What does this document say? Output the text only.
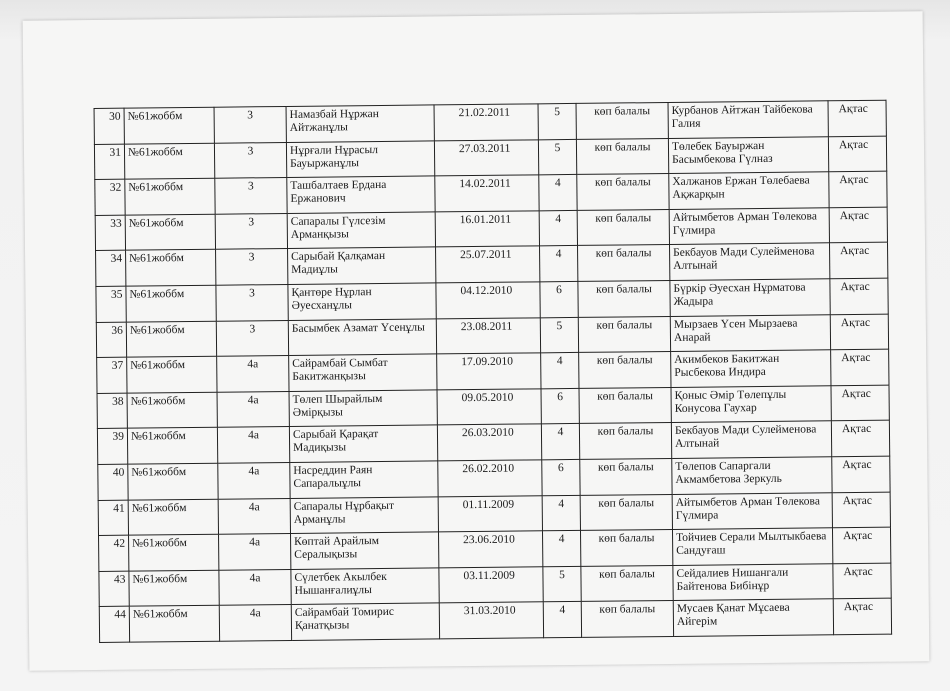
30	№61жоббм	3	Намазбай Нұржан Айтжанұлы	21.02.2011	5	көп балалы	Курбанов Айтжан Тайбекова Галия	Ақтас
31	№61жоббм	3	Нұрғали Нұрасыл Бауыржанұлы	27.03.2011	5	көп балалы	Төлебек Бауыржан Басымбекова Гүлназ	Ақтас
32	№61жоббм	3	Ташбалтаев Ердана Ержанович	14.02.2011	4	көп балалы	Халжанов Ержан Төлебаева Ақжарқын	Ақтас
33	№61жоббм	3	Сапаралы Гүлсезім Арманқызы	16.01.2011	4	көп балалы	Айтымбетов Арман Төлекова Гүлмира	Ақтас
34	№61жоббм	3	Сарыбай Қалқаман Мадиұлы	25.07.2011	4	көп балалы	Бекбауов Мади Сулейменова Алтынай	Ақтас
35	№61жоббм	3	Қантөре Нұрлан Әуесханұлы	04.12.2010	6	көп балалы	Бүркір Әуесхан Нұрматова Жадыра	Ақтас
36	№61жоббм	3	Басымбек Азамат Үсенұлы	23.08.2011	5	көп балалы	Мырзаев Үсен Мырзаева Анарай	Ақтас
37	№61жоббм	4а	Сайрамбай Сымбат Бакитжанқызы	17.09.2010	4	көп балалы	Акимбеков Бакитжан Рысбекова Индира	Ақтас
38	№61жоббм	4а	Төлеп Шырайлым Әмірқызы	09.05.2010	6	көп балалы	Қоныс Әмір Төлепұлы Конусова Гаухар	Ақтас
39	№61жоббм	4а	Сарыбай Қарақат Мадиқызы	26.03.2010	4	көп балалы	Бекбауов Мади Сулейменова Алтынай	Ақтас
40	№61жоббм	4а	Насреддин Раян Сапаралыұлы	26.02.2010	6	көп балалы	Төлепов Сапаргали Акмамбетова Зеркуль	Ақтас
41	№61жоббм	4а	Сапаралы Нұрбақыт Арманұлы	01.11.2009	4	көп балалы	Айтымбетов Арман Төлекова Гүлмира	Ақтас
42	№61жоббм	4а	Көптай Арайлым Сералықызы	23.06.2010	4	көп балалы	Тойчиев Серали Мылтыкбаева Сандуғаш	Ақтас
43	№61жоббм	4а	Сүлетбек Акылбек Нышанғалиұлы	03.11.2009	5	көп балалы	Сейдалиев Нишангали Байтенова Бибінұр	Ақтас
44	№61жоббм	4а	Сайрамбай Томирис Қанатқызы	31.03.2010	4	көп балалы	Мусаев Қанат Мұсаева Айгерім	Ақтас
